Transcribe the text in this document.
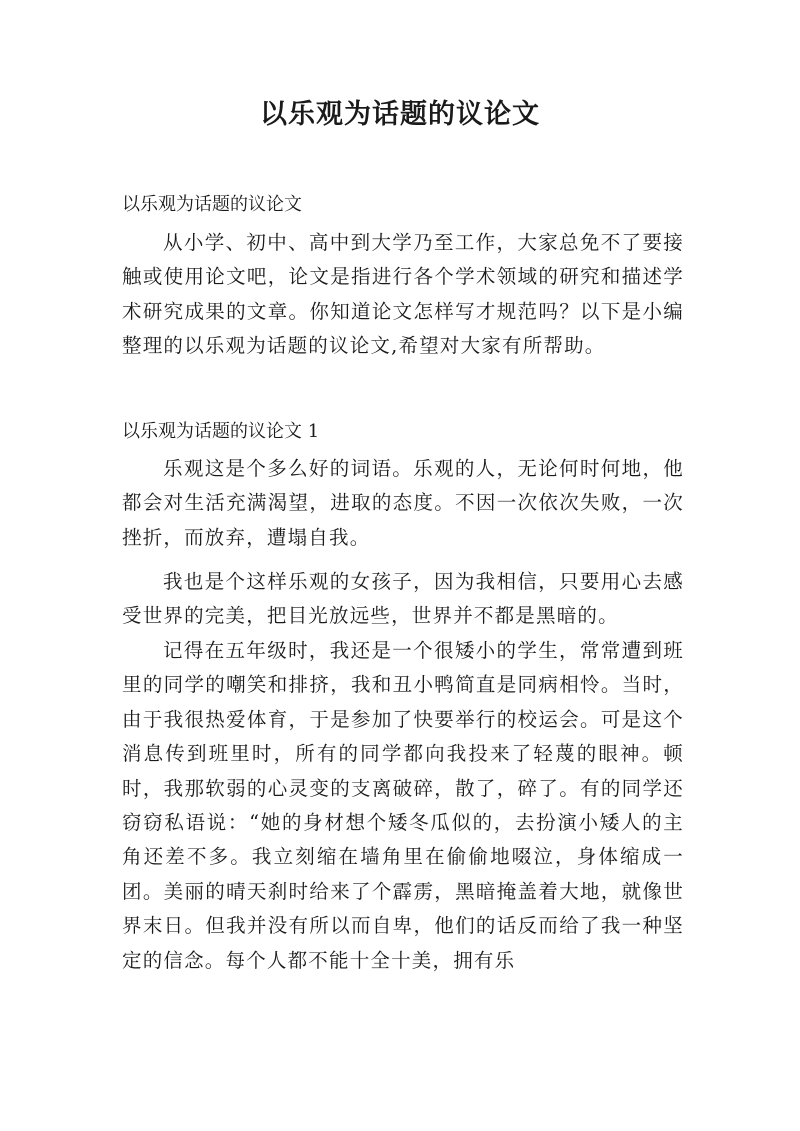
以乐观为话题的议论文

以乐观为话题的议论文

从小学、初中、高中到大学乃至工作，大家总免不了要接触或使用论文吧，论文是指进行各个学术领域的研究和描述学术研究成果的文章。你知道论文怎样写才规范吗？以下是小编整理的以乐观为话题的议论文,希望对大家有所帮助。

以乐观为话题的议论文 1

乐观这是个多么好的词语。乐观的人，无论何时何地，他都会对生活充满渴望，进取的态度。不因一次依次失败，一次挫折，而放弃，遭塌自我。

我也是个这样乐观的女孩子，因为我相信，只要用心去感受世界的完美，把目光放远些，世界并不都是黑暗的。

记得在五年级时，我还是一个很矮小的学生，常常遭到班里的同学的嘲笑和排挤，我和丑小鸭简直是同病相怜。当时，由于我很热爱体育，于是参加了快要举行的校运会。可是这个消息传到班里时，所有的同学都向我投来了轻蔑的眼神。顿时，我那软弱的心灵变的支离破碎，散了，碎了。有的同学还窃窃私语说：“她的身材想个矮冬瓜似的，去扮演小矮人的主角还差不多。我立刻缩在墙角里在偷偷地啜泣，身体缩成一团。美丽的晴天刹时给来了个霹雳，黑暗掩盖着大地，就像世界末日。但我并没有所以而自卑，他们的话反而给了我一种坚定的信念。每个人都不能十全十美，拥有乐
